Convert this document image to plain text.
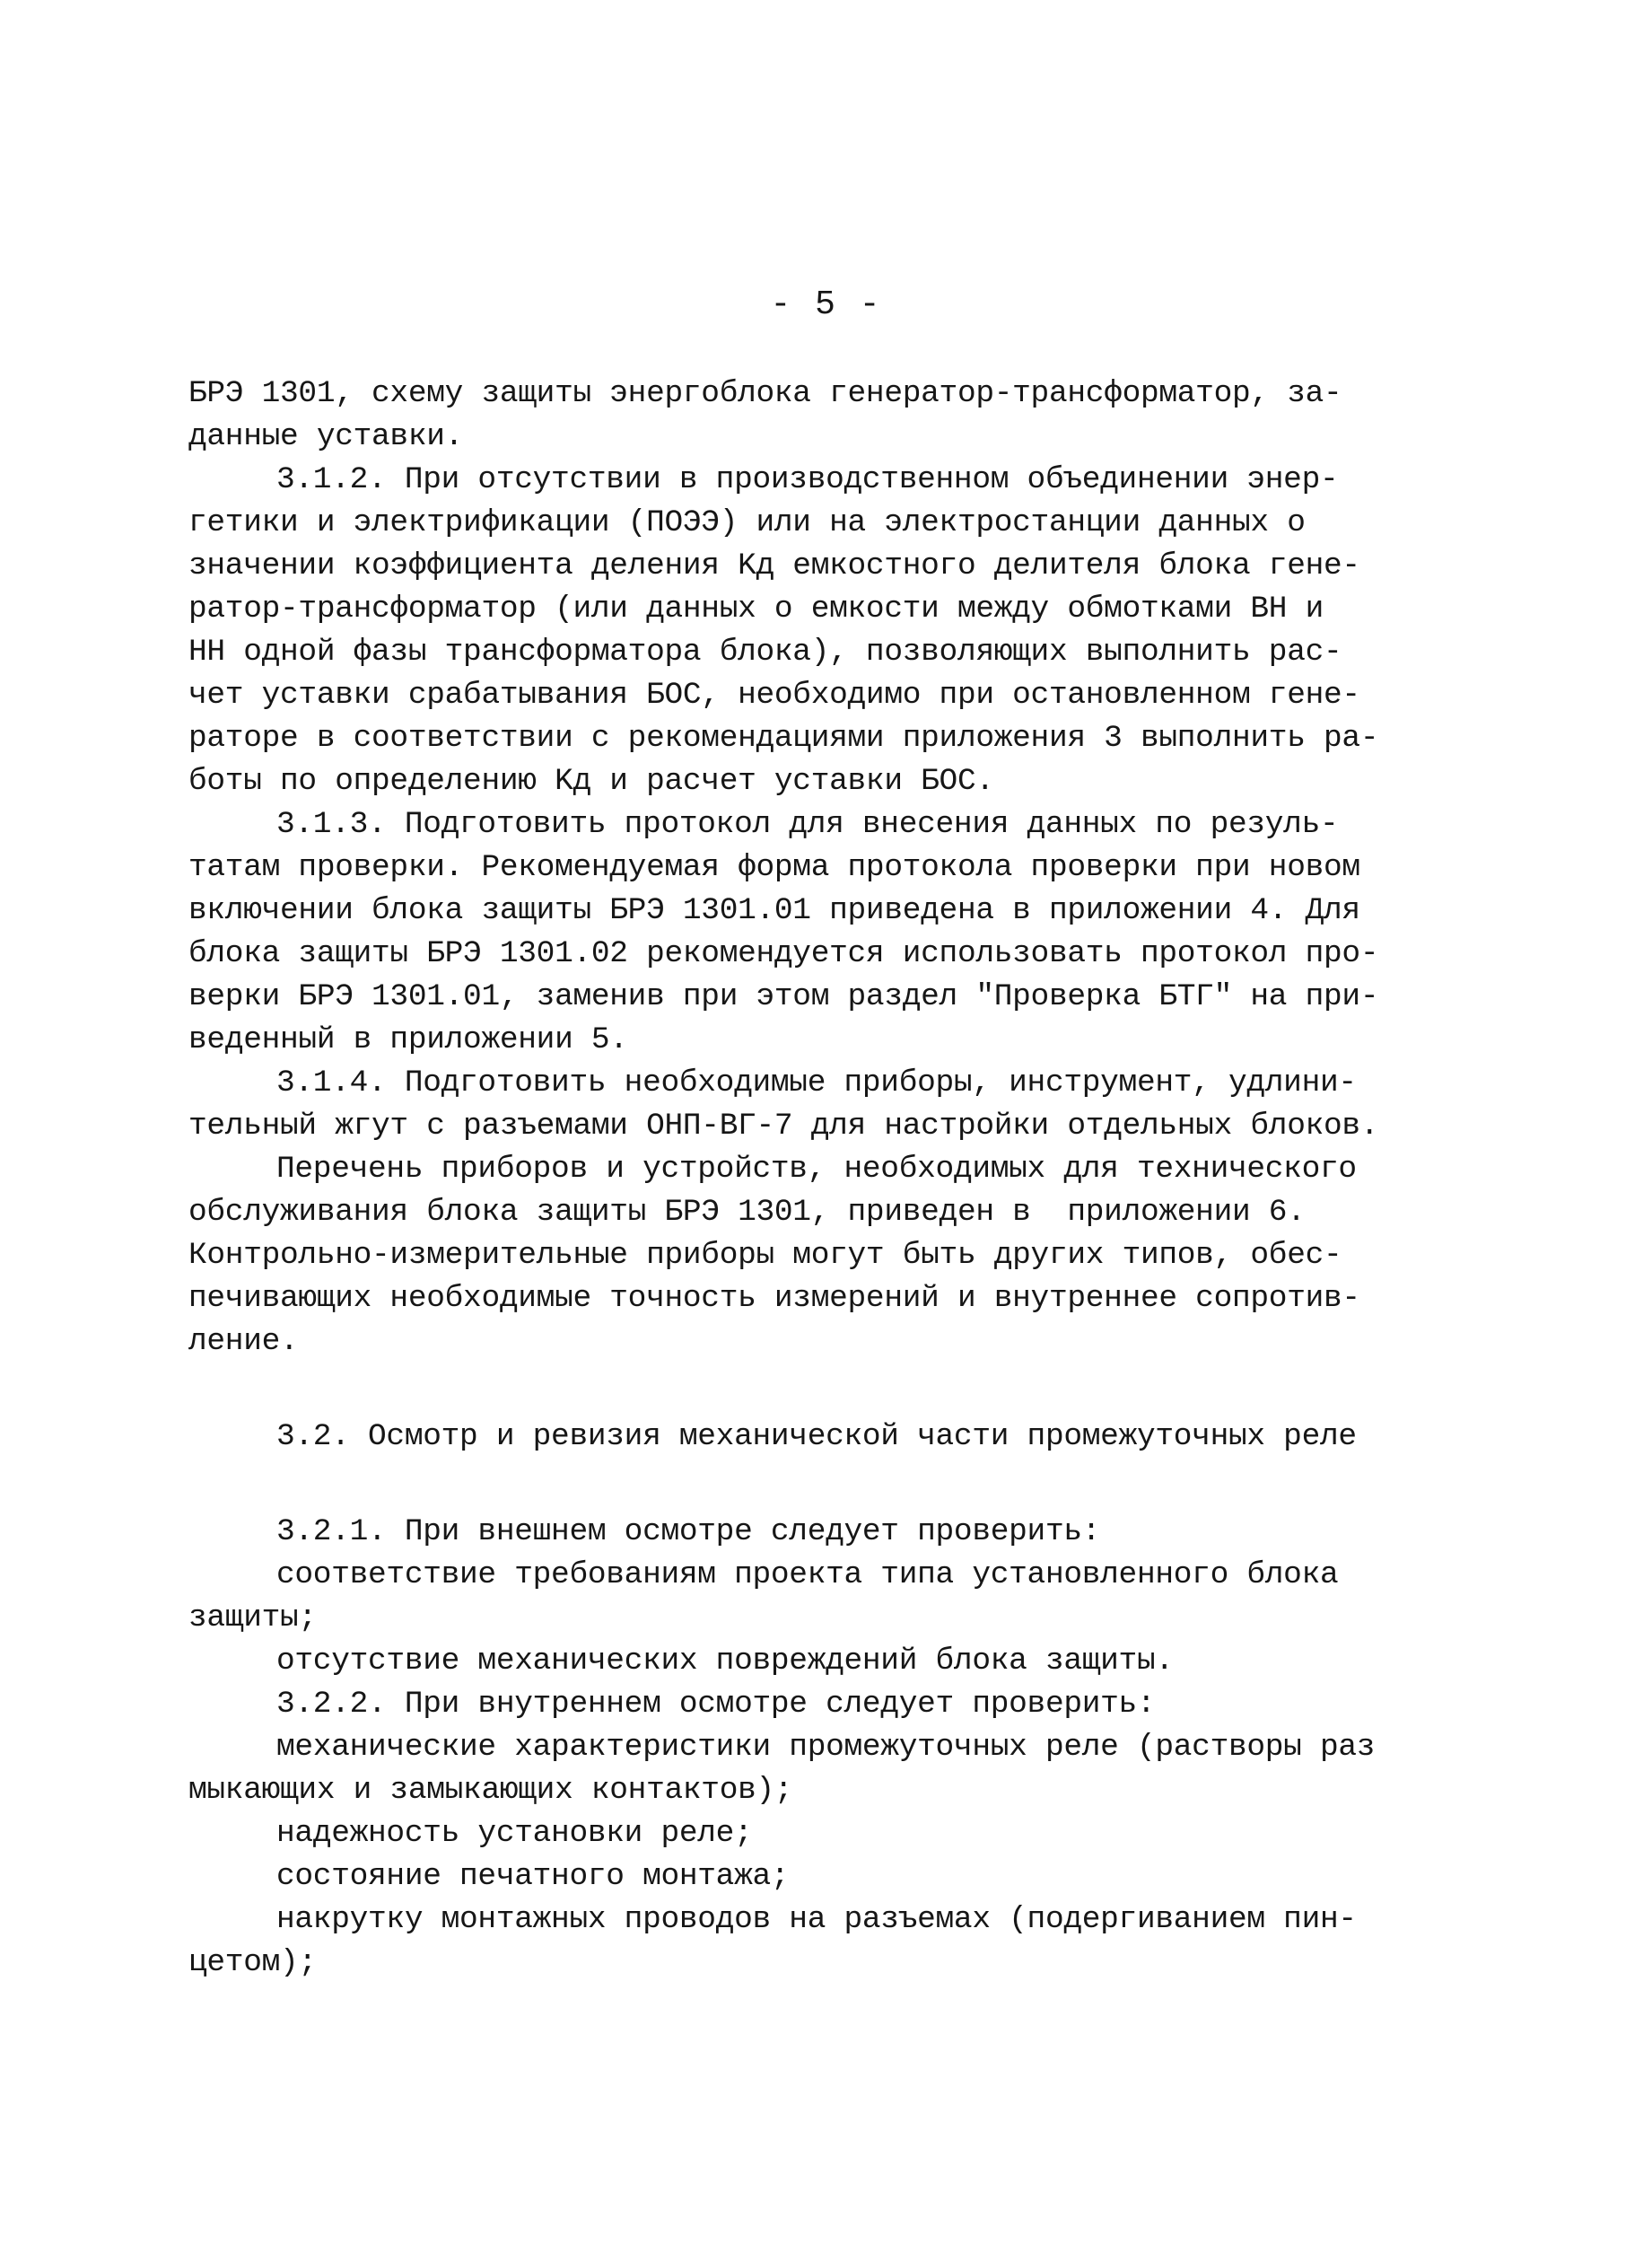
- 5 -
БРЭ 1301, схему защиты энергоблока генератор-трансформатор, за-
данные уставки.
3.1.2. При отсутствии в производственном объединении энер-
гетики и электрификации (ПОЭЭ) или на электростанции данных о
значении коэффициента деления Kд емкостного делителя блока гене-
ратор-трансформатор (или данных о емкости между обмотками ВН и
НН одной фазы трансформатора блока), позволяющих выполнить рас-
чет уставки срабатывания БОС, необходимо при остановленном гене-
раторе в соответствии с рекомендациями приложения 3 выполнить ра-
боты по определению Kд и расчет уставки БОС.
3.1.3. Подготовить протокол для внесения данных по резуль-
татам проверки. Рекомендуемая форма протокола проверки при новом
включении блока защиты БРЭ 1301.01 приведена в приложении 4. Для
блока защиты БРЭ 1301.02 рекомендуется использовать протокол про-
верки БРЭ 1301.01, заменив при этом раздел "Проверка БТГ" на при-
веденный в приложении 5.
3.1.4. Подготовить необходимые приборы, инструмент, удлини-
тельный жгут с разъемами ОНП-ВГ-7 для настройки отдельных блоков.
Перечень приборов и устройств, необходимых для технического
обслуживания блока защиты БРЭ 1301, приведен в  приложении 6.
Контрольно-измерительные приборы могут быть других типов, обес-
печивающих необходимые точность измерений и внутреннее сопротив-
ление.
3.2. Осмотр и ревизия механической части промежуточных реле
3.2.1. При внешнем осмотре следует проверить:
соответствие требованиям проекта типа установленного блока
защиты;
отсутствие механических повреждений блока защиты.
3.2.2. При внутреннем осмотре следует проверить:
механические характеристики промежуточных реле (растворы раз
мыкающих и замыкающих контактов);
надежность установки реле;
состояние печатного монтажа;
накрутку монтажных проводов на разъемах (подергиванием пин-
цетом);
